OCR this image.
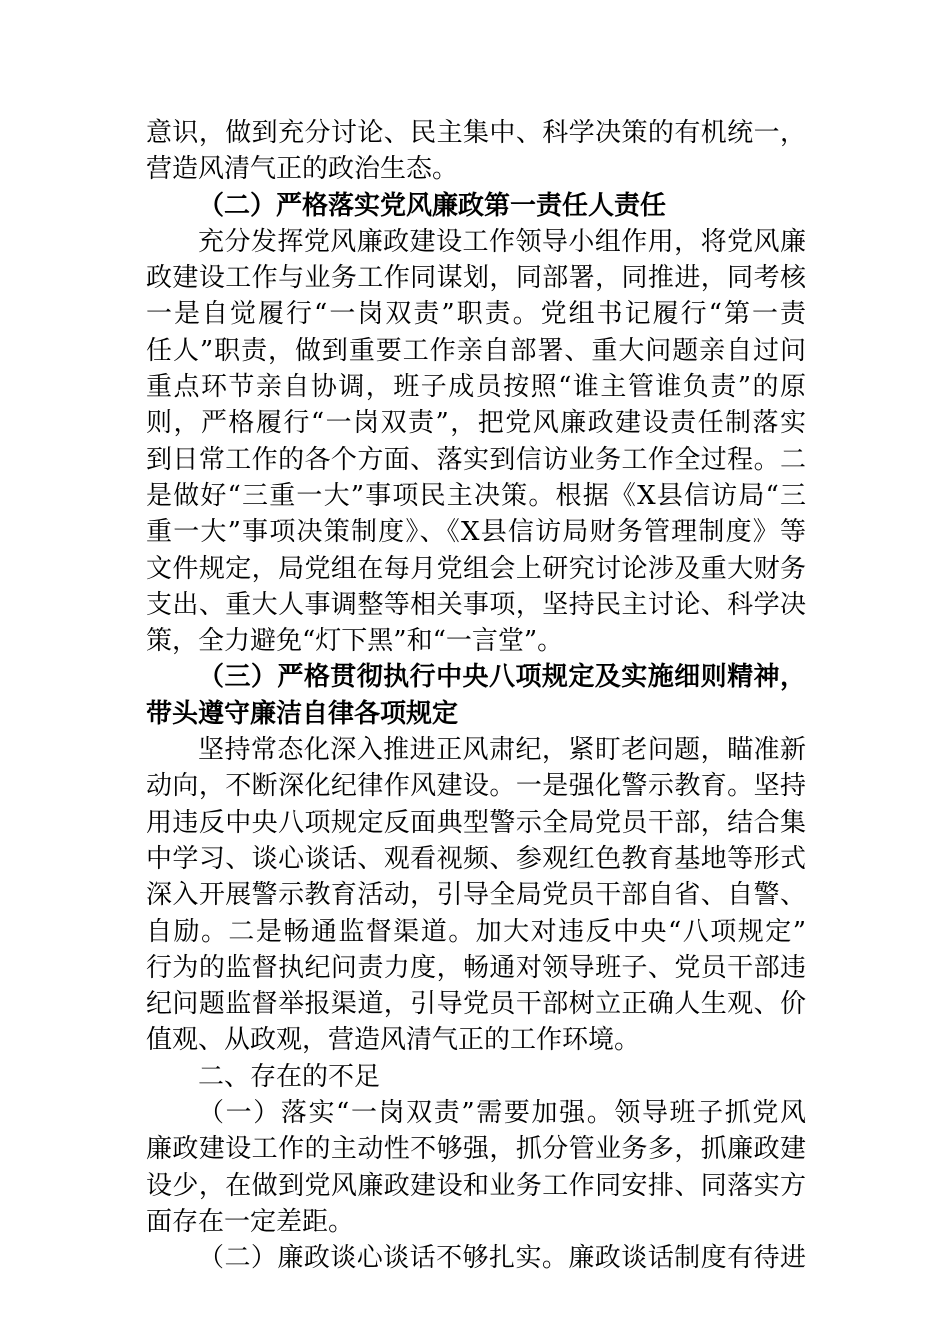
意识，做到充分讨论、民主集中、科学决策的有机统一，
营造风清气正的政治生态。
（二）严格落实党风廉政第一责任人责任
充分发挥党风廉政建设工作领导小组作用，将党风廉
政建设工作与业务工作同谋划，同部署，同推进，同考核
一是自觉履行“一岗双责”职责。党组书记履行“第一责
任人”职责，做到重要工作亲自部署、重大问题亲自过问
重点环节亲自协调，班子成员按照“谁主管谁负责”的原
则，严格履行“一岗双责”，把党风廉政建设责任制落实
到日常工作的各个方面、落实到信访业务工作全过程。二
是做好“三重一大”事项民主决策。根据《X县信访局“三
重一大”事项决策制度》、《X县信访局财务管理制度》等
文件规定，局党组在每月党组会上研究讨论涉及重大财务
支出、重大人事调整等相关事项，坚持民主讨论、科学决
策，全力避免“灯下黑”和“一言堂”。
（三）严格贯彻执行中央八项规定及实施细则精神，
带头遵守廉洁自律各项规定
坚持常态化深入推进正风肃纪，紧盯老问题，瞄准新
动向，不断深化纪律作风建设。一是强化警示教育。坚持
用违反中央八项规定反面典型警示全局党员干部，结合集
中学习、谈心谈话、观看视频、参观红色教育基地等形式
深入开展警示教育活动，引导全局党员干部自省、自警、
自励。二是畅通监督渠道。加大对违反中央“八项规定”
行为的监督执纪问责力度，畅通对领导班子、党员干部违
纪问题监督举报渠道，引导党员干部树立正确人生观、价
值观、从政观，营造风清气正的工作环境。
二、存在的不足
（一）落实“一岗双责”需要加强。领导班子抓党风
廉政建设工作的主动性不够强，抓分管业务多，抓廉政建
设少，在做到党风廉政建设和业务工作同安排、同落实方
面存在一定差距。
（二）廉政谈心谈话不够扎实。廉政谈话制度有待进
